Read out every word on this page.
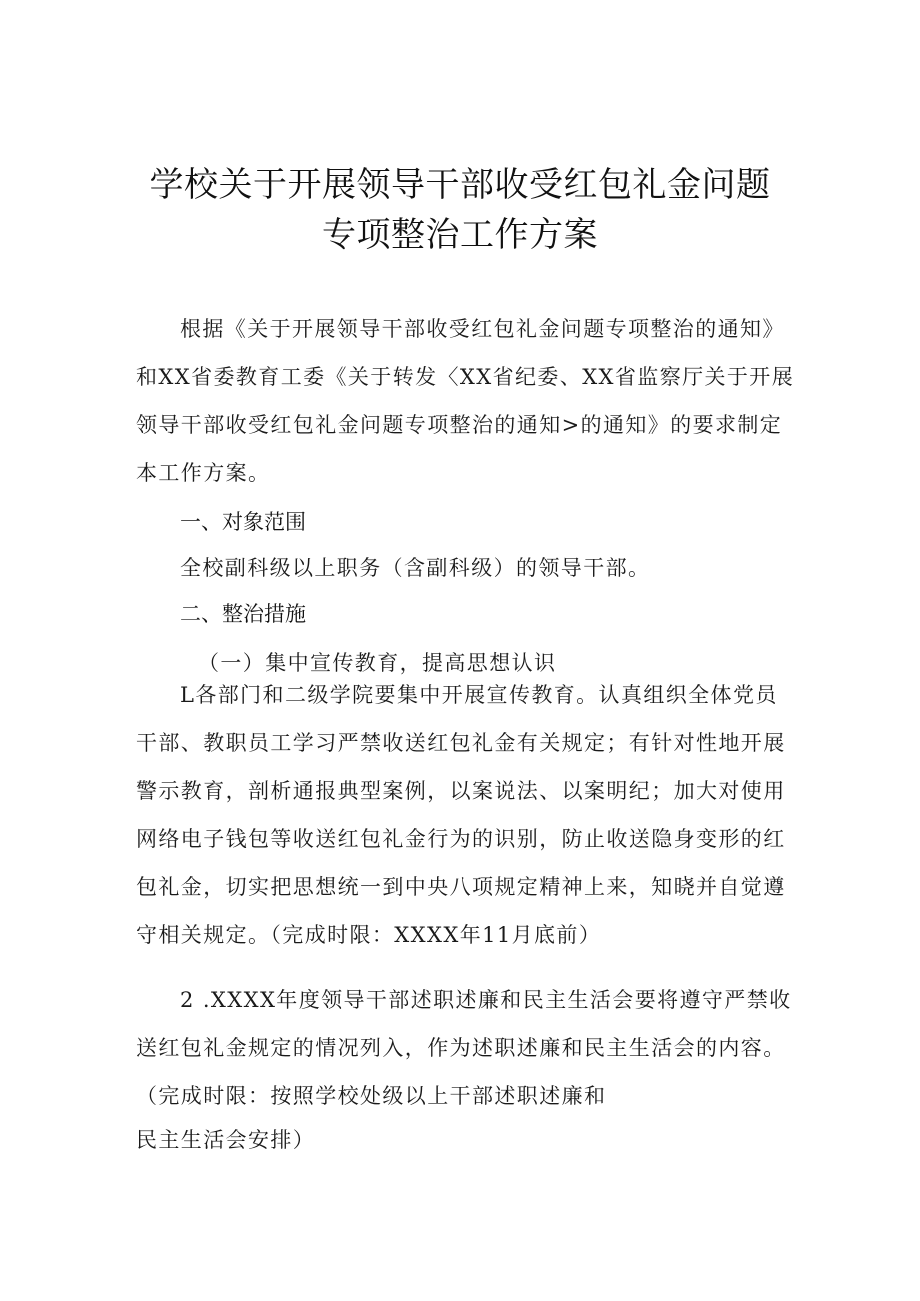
学校关于开展领导干部收受红包礼金问题
专项整治工作方案
根据《关于开展领导干部收受红包礼金问题专项整治的通知》和XX省委教育工委《关于转发〈XX省纪委、XX省监察厅关于开展领导干部收受红包礼金问题专项整治的通知>的通知》的要求制定本工作方案。
一、对象范围
全校副科级以上职务（含副科级）的领导干部。
二、整治措施
（一）集中宣传教育，提高思想认识
L各部门和二级学院要集中开展宣传教育。认真组织全体党员干部、教职员工学习严禁收送红包礼金有关规定；有针对性地开展警示教育，剖析通报典型案例，以案说法、以案明纪；加大对使用网络电子钱包等收送红包礼金行为的识别，防止收送隐身变形的红包礼金，切实把思想统一到中央八项规定精神上来，知晓并自觉遵守相关规定。（完成时限：XXXX年11月底前）
2 .XXXX年度领导干部述职述廉和民主生活会要将遵守严禁收送红包礼金规定的情况列入，作为述职述廉和民主生活会的内容。（完成时限：按照学校处级以上干部述职述廉和
民主生活会安排）
